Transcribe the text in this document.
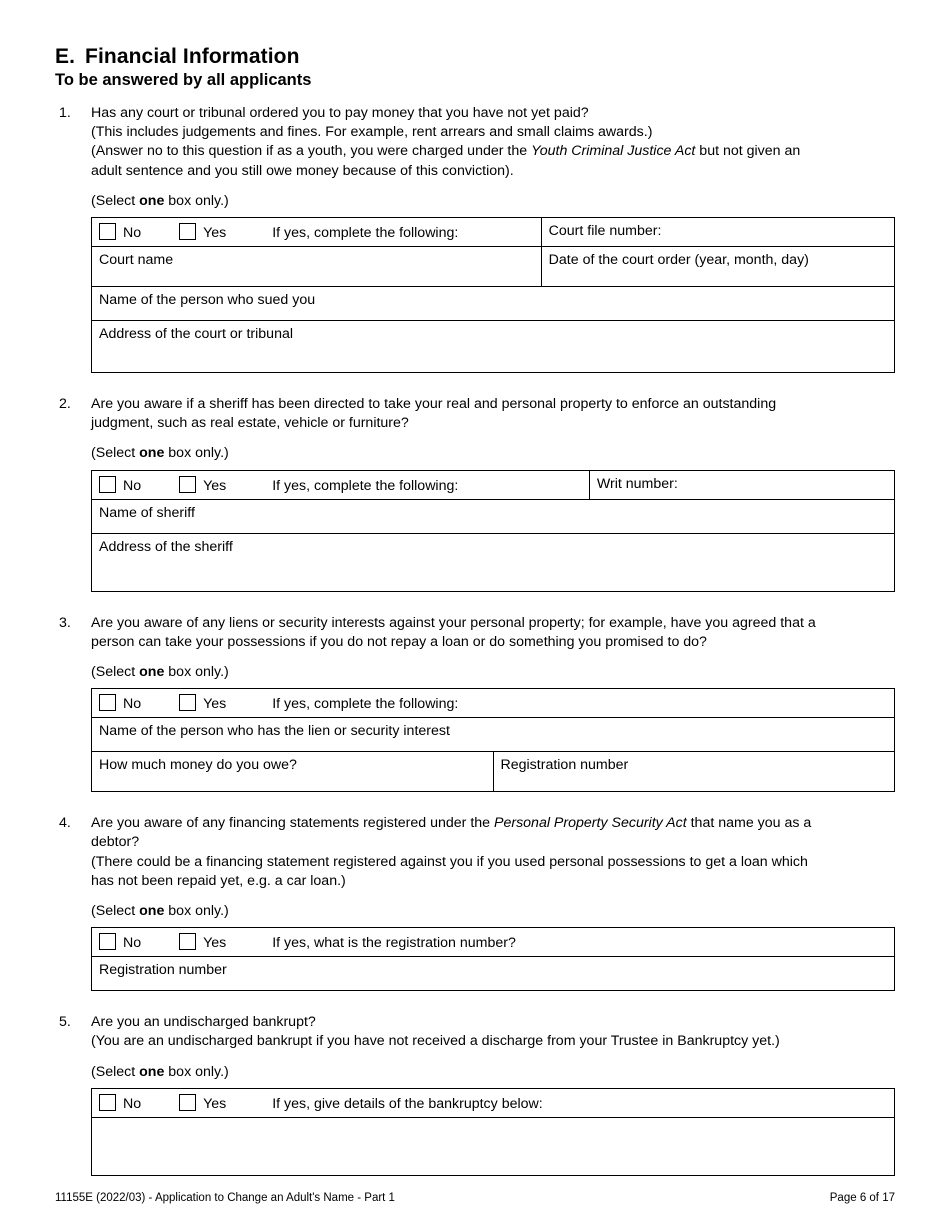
E. Financial Information
To be answered by all applicants
1.	Has any court or tribunal ordered you to pay money that you have not yet paid?

(This includes judgements and fines. For example, rent arrears and small claims awards.)

(Answer no to this question if as a youth, you were charged under the Youth Criminal Justice Act but not given an

adult sentence and you still owe money because of this conviction).

(Select one box only.)
No Yes If yes, complete the following:	Court file number:
Court name	Date of the court order (year, month, day)
Name of the person who sued you	
Address of the court or tribunal	
2.	Are you aware if a sheriff has been directed to take your real and personal property to enforce an outstanding

judgment, such as real estate, vehicle or furniture?

(Select one box only.)
No	Yes	If yes, complete the following:	Writ number:
Name of sheriff
Address of the sheriff
3.	Are you aware of any liens or security interests against your personal property; for example, have you agreed that a

person can take your possessions if you do not repay a loan or do something you promised to do?

(Select one box only.)
No	Yes	If yes, complete the following:
Name of the person who has the lien or security interest
How much money do you owe?	Registration number
4.	Are you aware of any financing statements registered under the Personal Property Security Act that name you as a

debtor?

(There could be a financing statement registered against you if you used personal possessions to get a loan which

has not been repaid yet, e.g. a car loan.)

(Select one box only.)
No	Yes	If yes, what is the registration number?
Registration number
5.	Are you an undischarged bankrupt?

(You are an undischarged bankrupt if you have not received a discharge from your Trustee in Bankruptcy yet.)

(Select one box only.)
No	Yes	If yes, give details of the bankruptcy below:

11155E (2022/03) - Application to Change an Adult's Name - Part 1	Page 6 of 17
